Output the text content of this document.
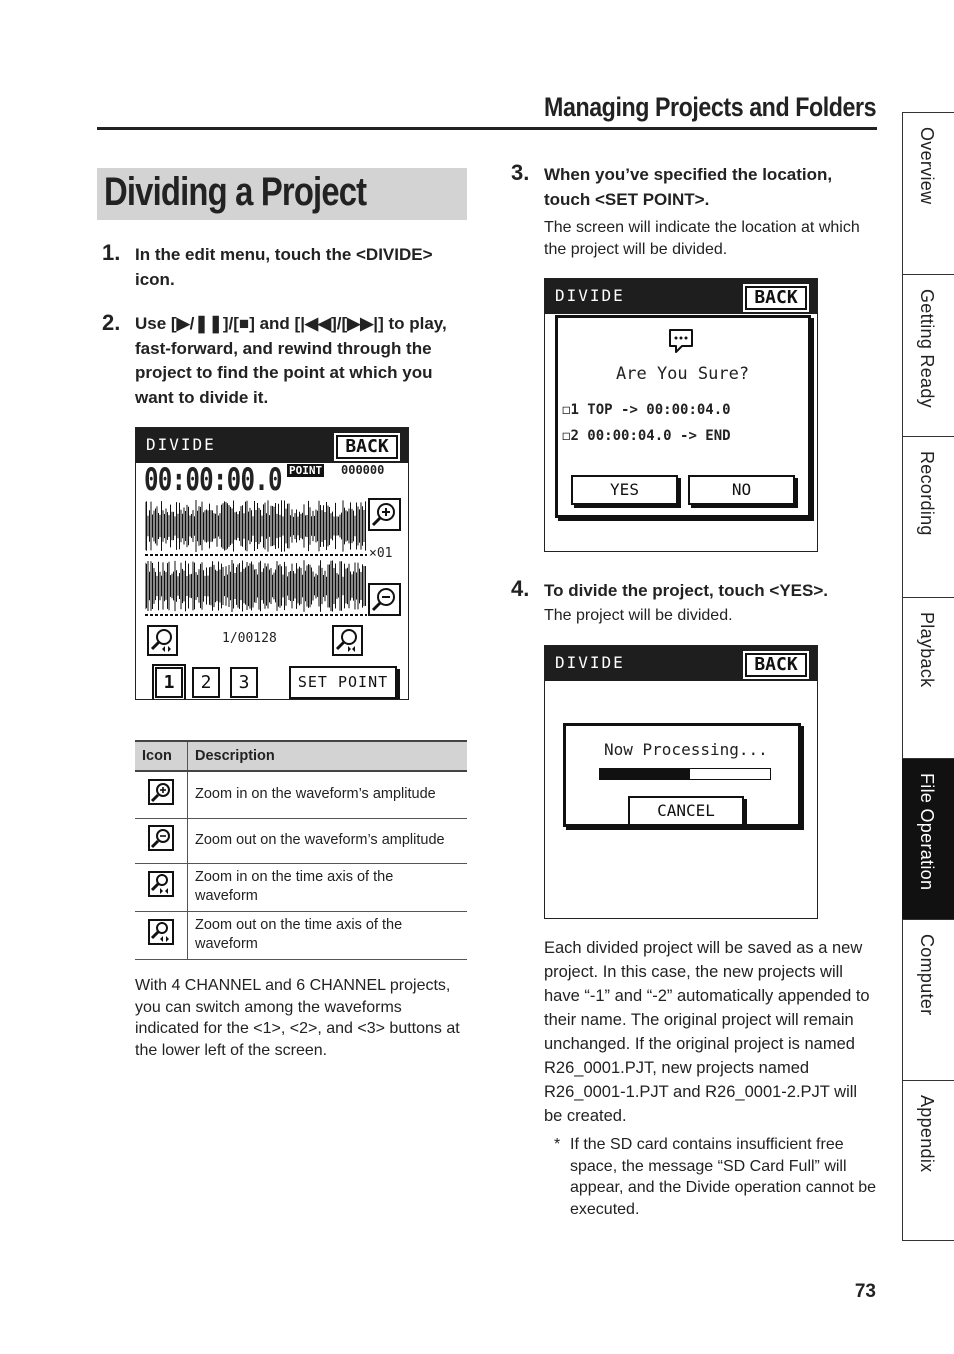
Managing Projects and Folders
Dividing a Project
1. In the edit menu, touch the <DIVIDE> icon.
2. Use [▶/❚❚]/[■] and [|◀◀]/[▶▶|] to play, fast-forward, and rewind through the project to find the point at which you want to divide it.
DIVIDE	BACK
00:00:00.0 POINT 000000
×01
1/00128
1	2	3	SET POINT
Icon	Description
	Zoom in on the waveform’s amplitude
	Zoom out on the waveform’s amplitude
	Zoom in on the time axis of the waveform
	Zoom out on the time axis of the waveform
With 4 CHANNEL and 6 CHANNEL projects, you can switch among the waveforms indicated for the <1>, <2>, and <3> buttons at the lower left of the screen.
3. When you’ve specified the location, touch <SET POINT>.
The screen will indicate the location at which the project will be divided.
DIVIDE	BACK
Are You Sure?
◻1 TOP -> 00:00:04.0
◻2 00:00:04.0 -> END
YES	NO
4. To divide the project, touch <YES>.
The project will be divided.
DIVIDE	BACK
Now Processing...
CANCEL
Each divided project will be saved as a new project. In this case, the new projects will have “-1” and “-2” automatically appended to their name. The original project will remain unchanged. If the original project is named R26_0001.PJT, new projects named R26_0001-1.PJT and R26_0001-2.PJT will be created.
* If the SD card contains insufficient free space, the message “SD Card Full” will appear, and the Divide operation cannot be executed.
Overview
Getting Ready
Recording
Playback
File Operation
Computer
Appendix
73
